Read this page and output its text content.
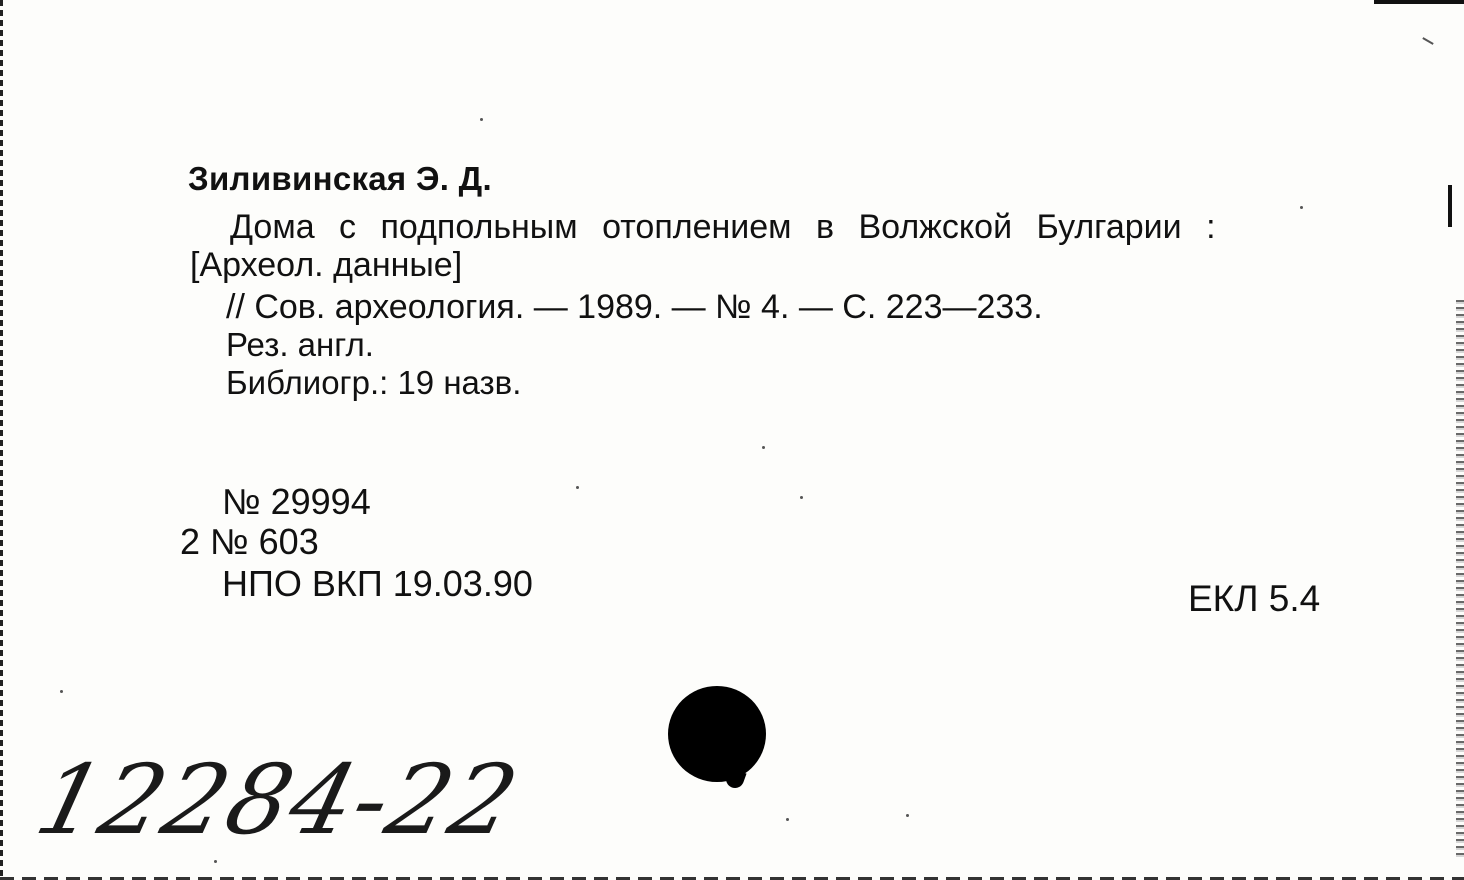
Зиливинская Э. Д.
Дома с подпольным отоплением в Волжской Булгарии :
[Археол. данные]
// Сов. археология. — 1989. — № 4. — С. 223—233.
Рез. англ.
Библиогр.: 19 назв.
№ 29994
2 № 603
НПО ВКП 19.03.90	ЕКЛ 5.4
12284-22
